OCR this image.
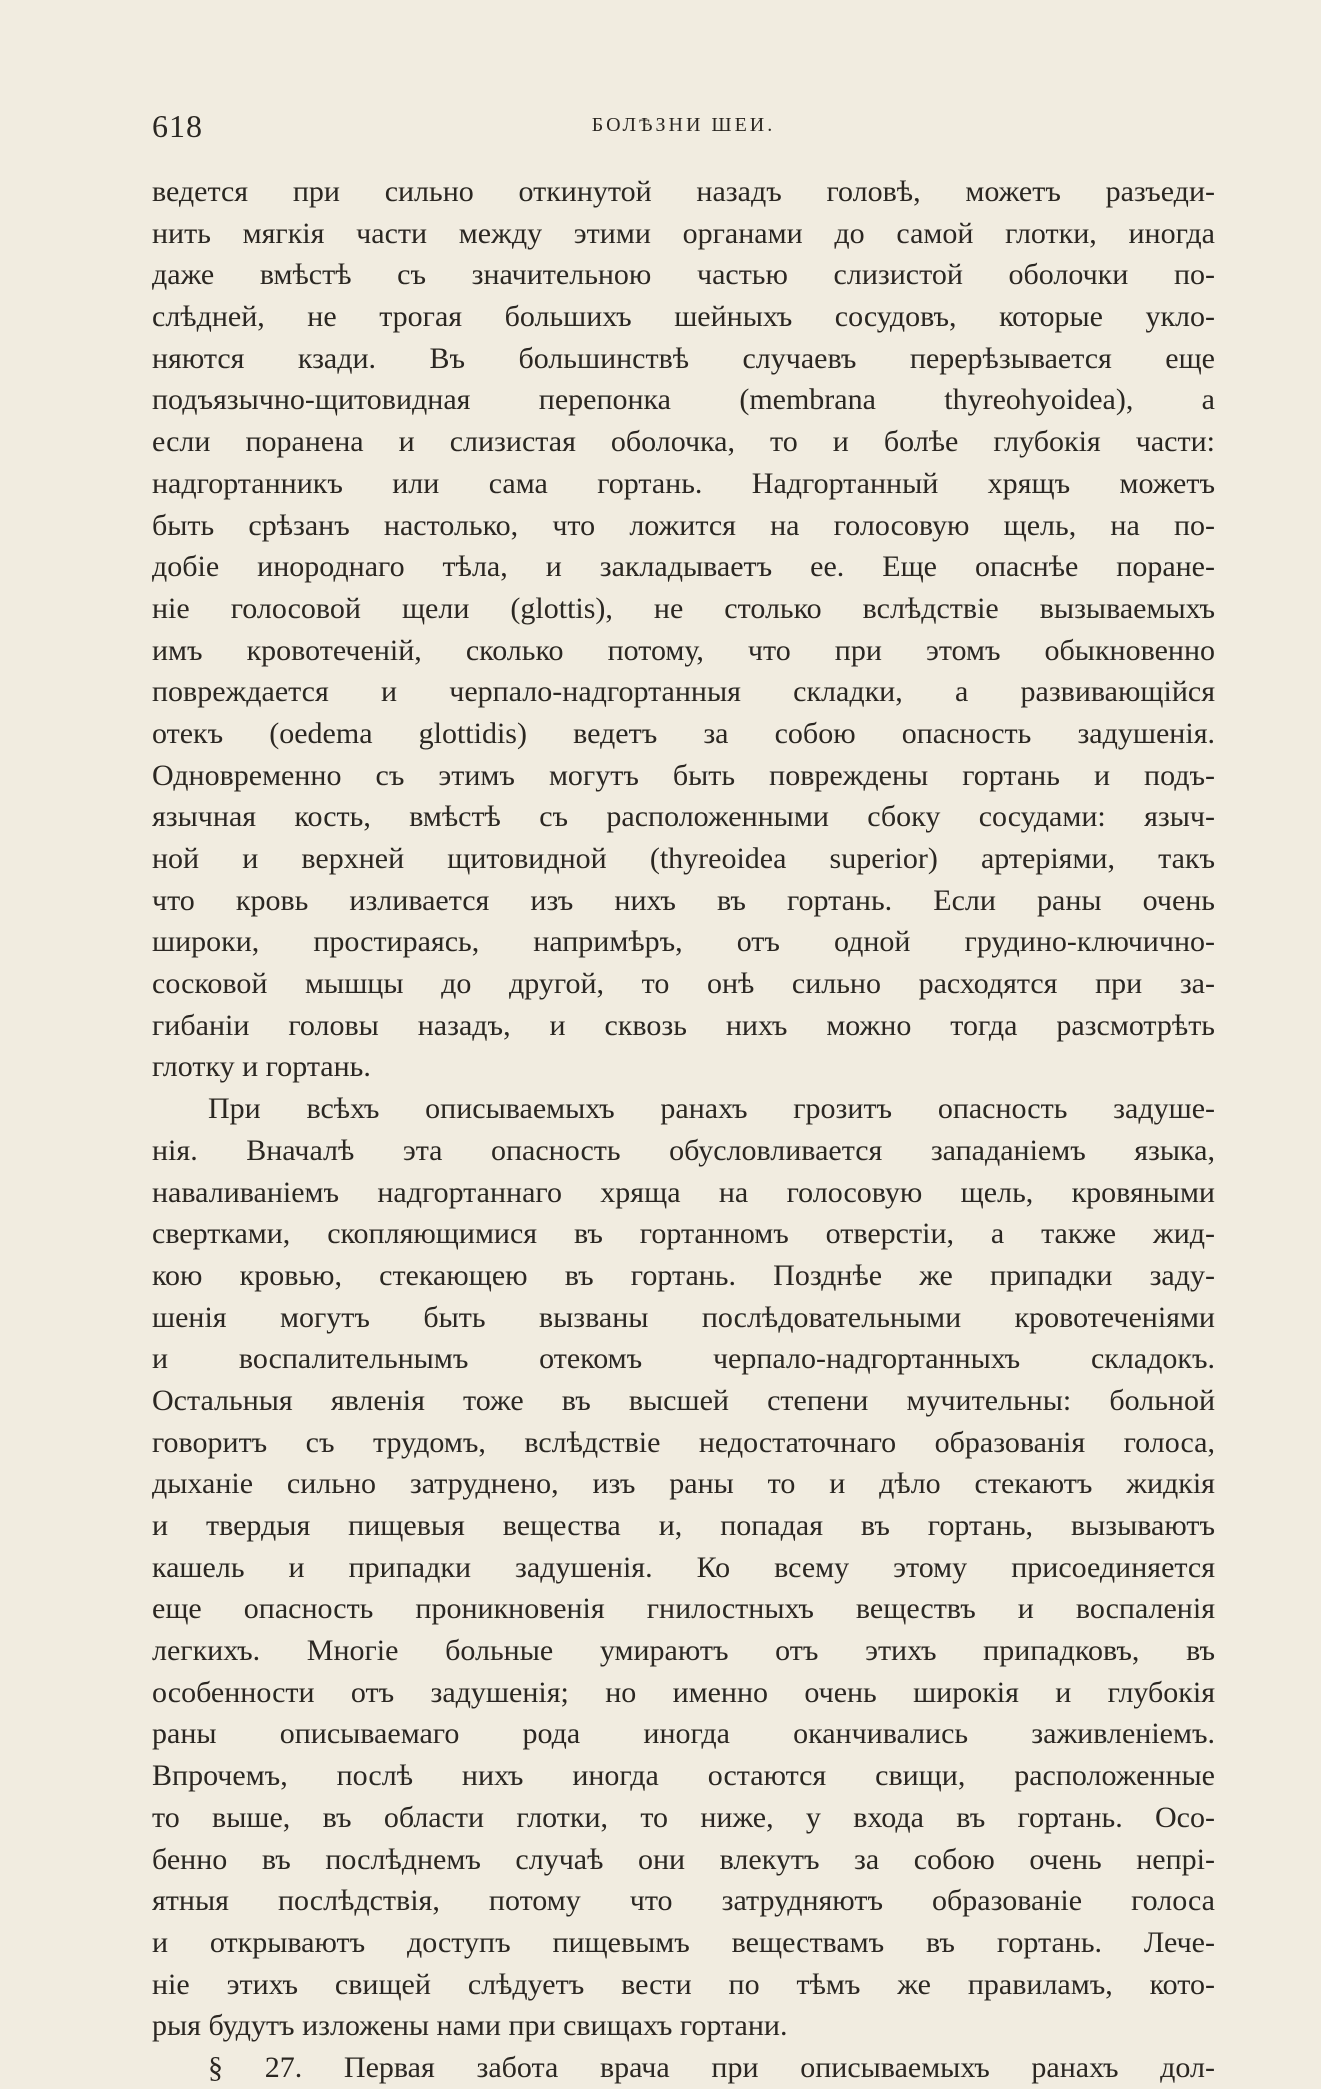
618	БОЛѢЗНИ ШЕИ.
ведется при сильно откинутой назадъ головѣ, можетъ разъеди-
нить мягкія части между этими органами до самой глотки, иногда
даже вмѣстѣ съ значительною частью слизистой оболочки по-
слѣдней, не трогая большихъ шейныхъ сосудовъ, которые укло-
няются кзади. Въ большинствѣ случаевъ перерѣзывается еще
подъязычно-щитовидная перепонка (membrana thyreohyoidea), а
если поранена и слизистая оболочка, то и болѣе глубокія части:
надгортанникъ или сама гортань. Надгортанный хрящъ можетъ
быть срѣзанъ настолько, что ложится на голосовую щель, на по-
добіе инороднаго тѣла, и закладываетъ ее. Еще опаснѣе поране-
ніе голосовой щели (glottis), не столько вслѣдствіе вызываемыхъ
имъ кровотеченій, сколько потому, что при этомъ обыкновенно
повреждается и черпало-надгортанныя складки, а развивающійся
отекъ (oedema glottidis) ведетъ за собою опасность задушенія.
Одновременно съ этимъ могутъ быть повреждены гортань и подъ-
язычная кость, вмѣстѣ съ расположенными сбоку сосудами: языч-
ной и верхней щитовидной (thyreoidea superior) артеріями, такъ
что кровь изливается изъ нихъ въ гортань. Если раны очень
широки, простираясь, напримѣръ, отъ одной грудино-ключично-
сосковой мышцы до другой, то онѣ сильно расходятся при за-
гибаніи головы назадъ, и сквозь нихъ можно тогда разсмотрѣть
глотку и гортань.
При всѣхъ описываемыхъ ранахъ грозитъ опасность задуше-
нія. Вначалѣ эта опасность обусловливается западаніемъ языка,
наваливаніемъ надгортаннаго хряща на голосовую щель, кровяными
свертками, скопляющимися въ гортанномъ отверстіи, а также жид-
кою кровью, стекающею въ гортань. Позднѣе же припадки заду-
шенія могутъ быть вызваны послѣдовательными кровотеченіями
и воспалительнымъ отекомъ черпало-надгортанныхъ складокъ.
Остальныя явленія тоже въ высшей степени мучительны: больной
говоритъ съ трудомъ, вслѣдствіе недостаточнаго образованія голоса,
дыханіе сильно затруднено, изъ раны то и дѣло стекаютъ жидкія
и твердыя пищевыя вещества и, попадая въ гортань, вызываютъ
кашель и припадки задушенія. Ко всему этому присоединяется
еще опасность проникновенія гнилостныхъ веществъ и воспаленія
легкихъ. Многіе больные умираютъ отъ этихъ припадковъ, въ
особенности отъ задушенія; но именно очень широкія и глубокія
раны описываемаго рода иногда оканчивались заживленіемъ.
Впрочемъ, послѣ нихъ иногда остаются свищи, расположенные
то выше, въ области глотки, то ниже, у входа въ гортань. Осо-
бенно въ послѣднемъ случаѣ они влекутъ за собою очень непрі-
ятныя послѣдствія, потому что затрудняютъ образованіе голоса
и открываютъ доступъ пищевымъ веществамъ въ гортань. Лече-
ніе этихъ свищей слѣдуетъ вести по тѣмъ же правиламъ, кото-
рыя будутъ изложены нами при свищахъ гортани.
§ 27. Первая забота врача при описываемыхъ ранахъ дол-
